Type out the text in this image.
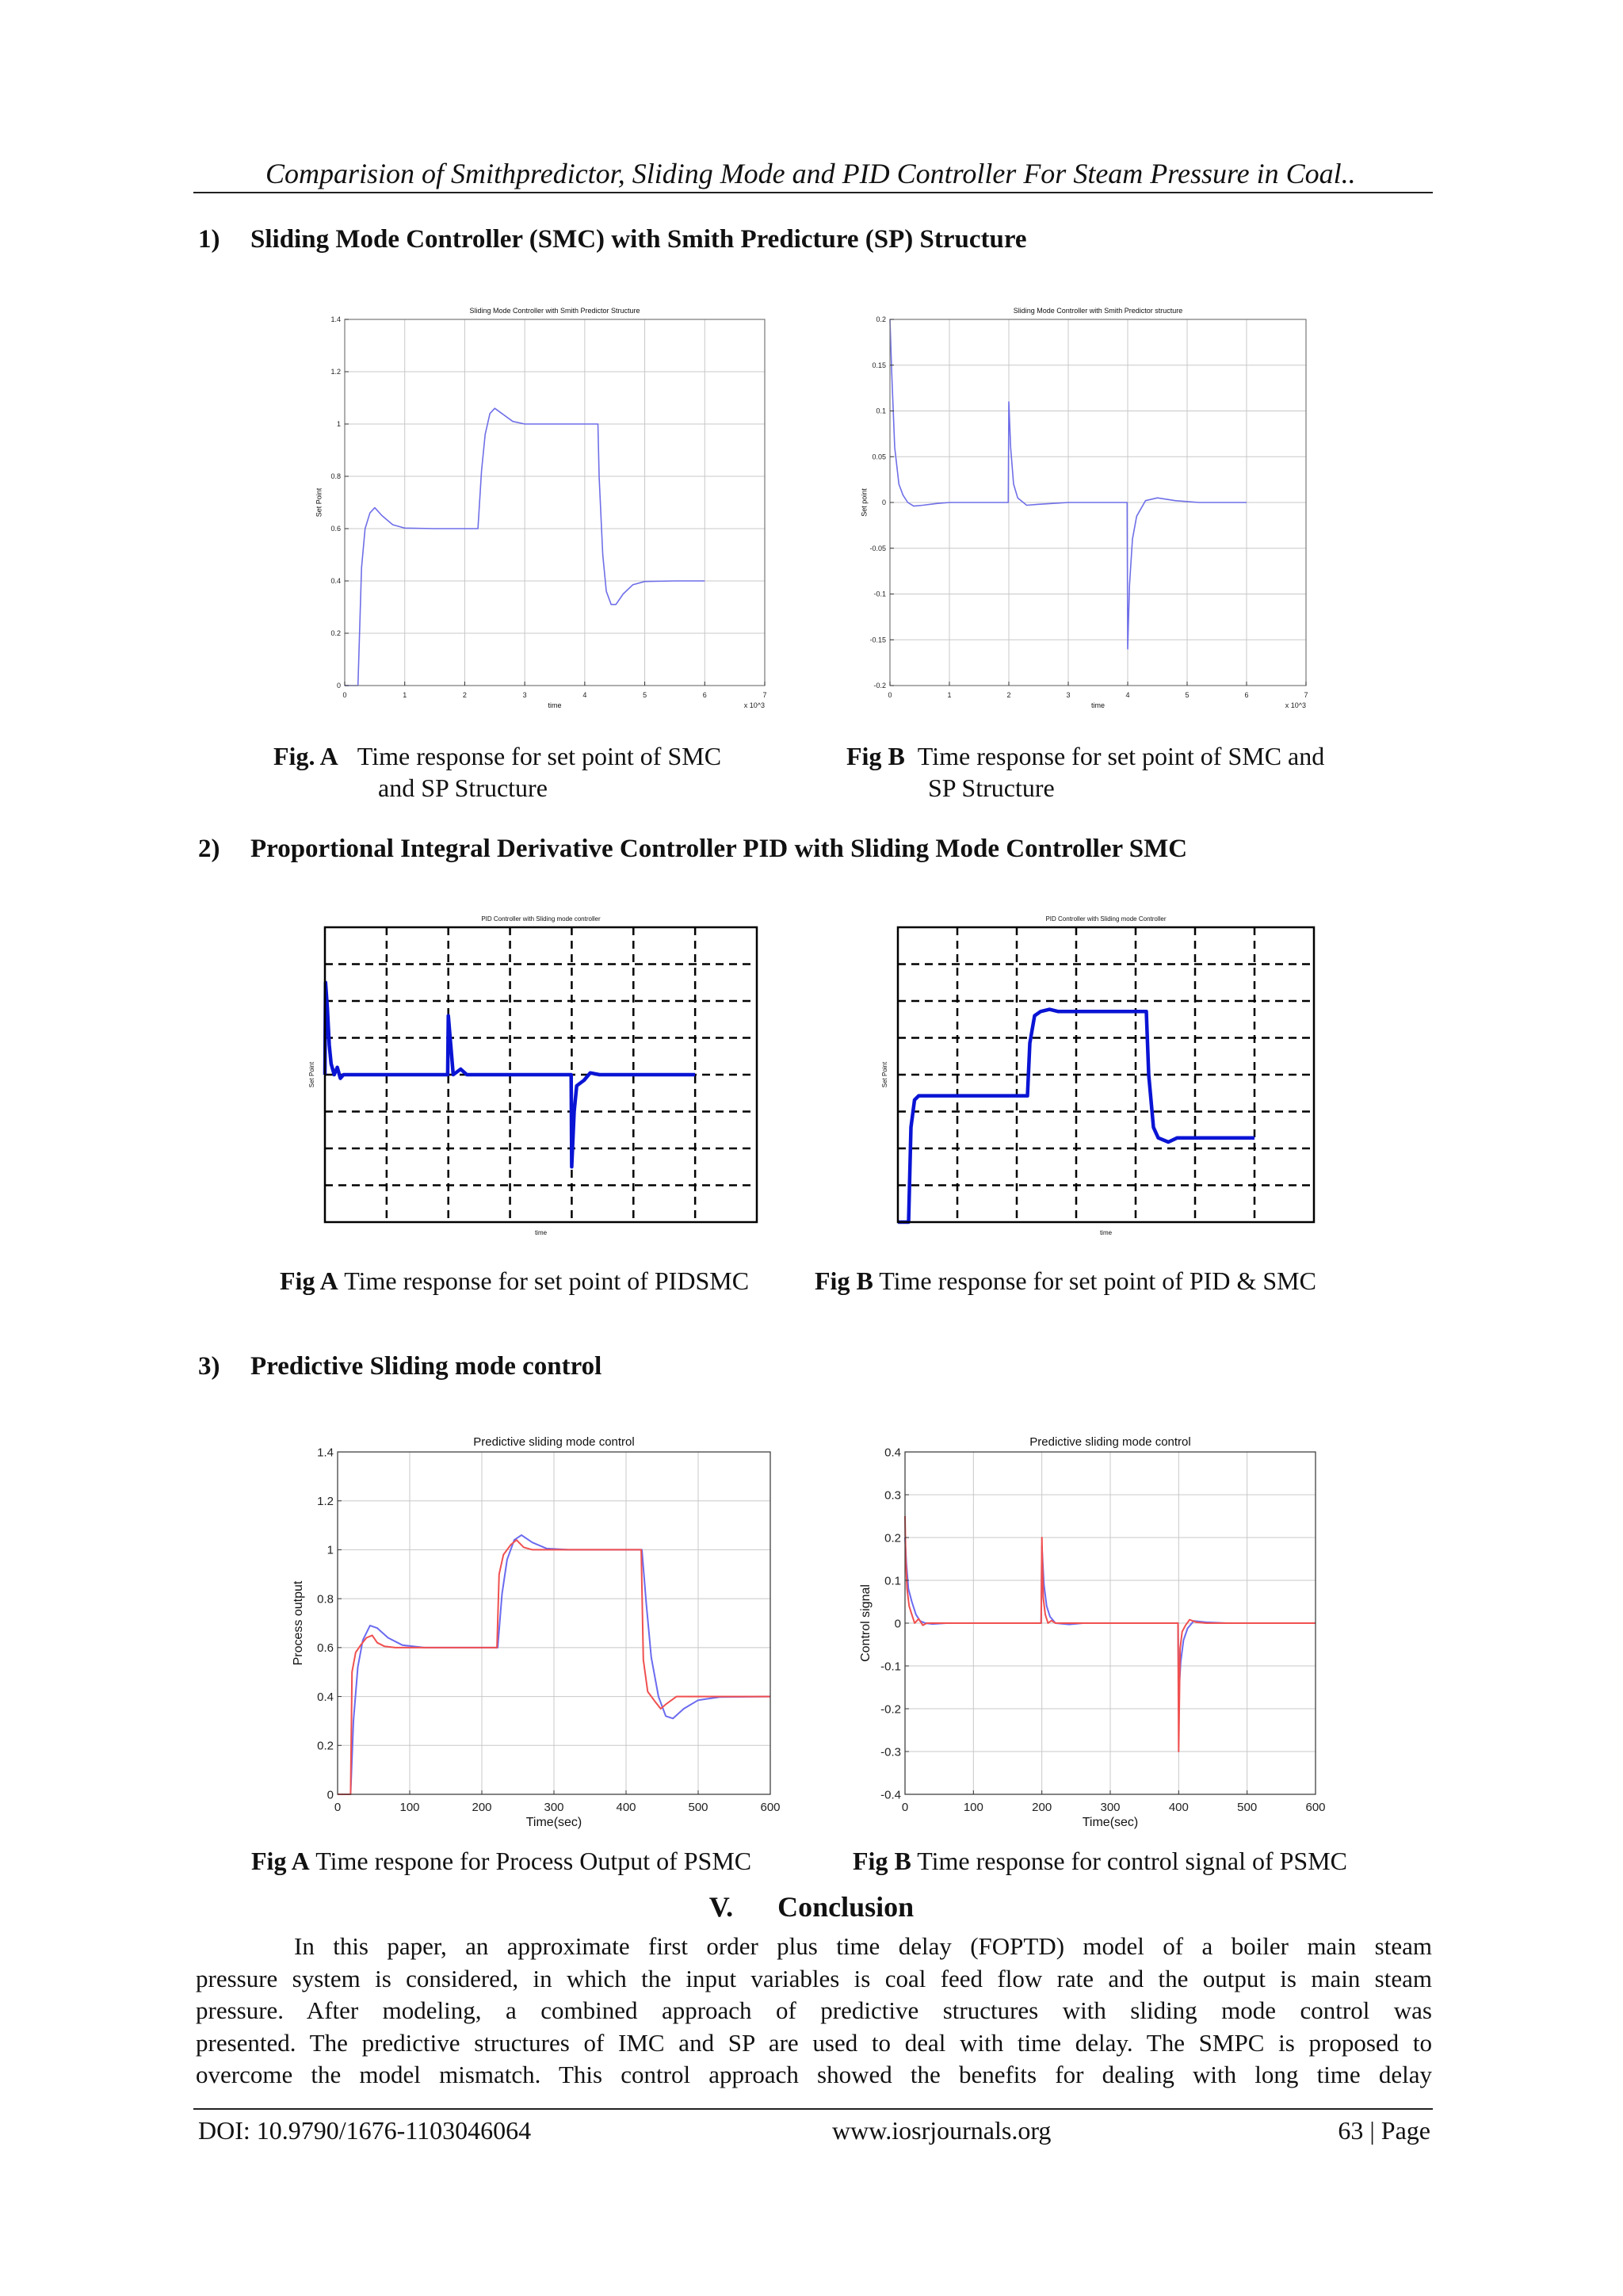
Comparision of Smithpredictor, Sliding Mode and PID Controller For Steam Pressure in Coal..
1) Sliding Mode Controller (SMC) with Smith Predicture (SP) Structure
2) Proportional Integral Derivative Controller PID with Sliding Mode Controller SMC
3) Predictive Sliding mode control
0	1	2	3	4	5	6	7
0
0.2
0.4
0.6
0.8
1
1.2
1.4
Sliding Mode Controller with Smith Predictor Structure
time
Set Point
x 10^3
0	1	2	3	4	5	6	7
-0.2
-0.15
-0.1
-0.05
0
0.05
0.1
0.15
0.2
Sliding Mode Controller with Smith Predictor structure
time
Set point
x 10^3
PID Controller with Sliding mode controller
time
Set Point
PID Controller with Sliding mode Controller
time
Set Point
0	100	200	300	400	500	600
0
0.2
0.4
0.6
0.8
1
1.2
1.4
Predictive sliding mode control
Time(sec)
Process output
0	100	200	300	400	500	600
-0.4
-0.3
-0.2
-0.1
0
0.1
0.2
0.3
0.4
Predictive sliding mode control
Time(sec)
Control signal
Fig. A Time response for set point of SMC
and SP Structure
Fig B Time response for set point of SMC and
SP Structure
Fig A Time response for set point of PIDSMC	Fig B Time response for set point of PID & SMC
Fig A Time respone for Process Output of PSMC	Fig B Time response for control signal of PSMC
V. Conclusion
In this paper, an approximate first order plus time delay (FOPTD) model of a boiler main steam
pressure system is considered, in which the input variables is coal feed flow rate and the output is main steam
pressure. After modeling, a combined approach of predictive structures with sliding mode control was
presented. The predictive structures of IMC and SP are used to deal with time delay. The SMPC is proposed to
overcome the model mismatch. This control approach showed the benefits for dealing with long time delay
DOI: 10.9790/1676-1103046064	www.iosrjournals.org	63 | Page
